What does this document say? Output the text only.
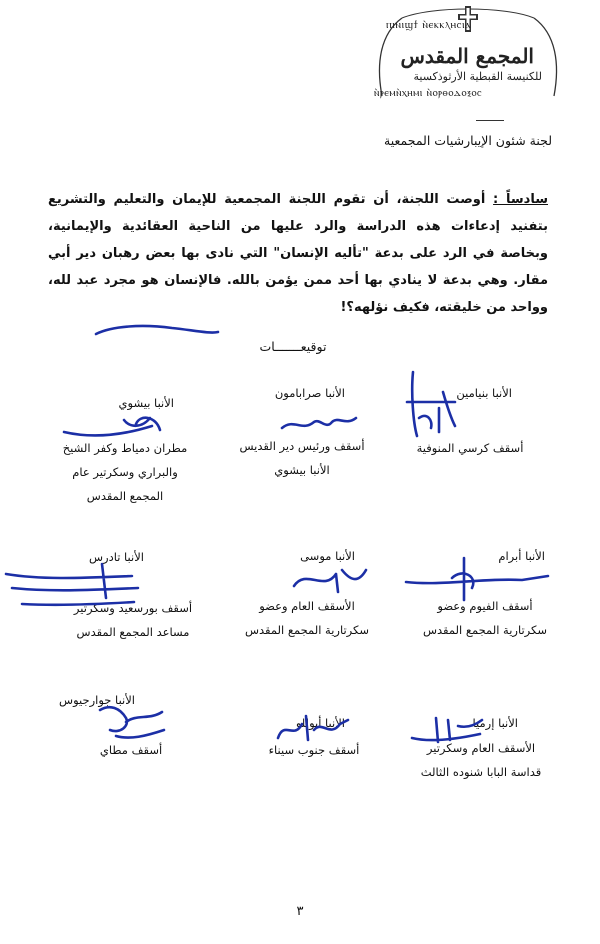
ⲡⲓⲛⲓϣϯ ⲛ̀ⲉⲕⲕⲗⲏⲥⲓⲁ
المجمع المقدس
للكنيسة القبطية الأرثوذكسية
ⲛ̀ⲣⲉⲙⲛ̀ⲭⲏⲙⲓ ⲛ̀ⲟⲣⲑⲟⲇⲟⲝⲟⲥ
لجنة شئون الإيبارشيات المجمعية
سادساً : أوصت اللجنة، أن تقوم اللجنة المجمعية للإيمان والتعليم والتشريع بتفنيد إدعاءات هذه الدراسة والرد عليها من الناحية العقائدية والإيمانية، وبخاصة في الرد على بدعة "تأليه الإنسان" التي نادى بها بعض رهبان دير أبي مقار. وهي بدعة لا ينادي بها أحد ممن يؤمن بالله. فالإنسان هو مجرد عبد لله، وواحد من خليقته، فكيف نؤلهه؟!
توقيعـــــــات
الأنبا بنيامين
أسقف كرسي المنوفية
الأنبا صرابامون
أسقف ورئيس دير القديس الأنبا بيشوي
الأنبا بيشوي
مطران دمياط وكفر الشيخ والبراري وسكرتير عام المجمع المقدس
الأنبا أبرام
أسقف الفيوم وعضو سكرتارية المجمع المقدس
الأنبا موسى
الأسقف العام وعضو سكرتارية المجمع المقدس
الأنبا تادرس
أسقف بورسعيد وسكرتير مساعد المجمع المقدس
الأنبا إرميا
الأسقف العام وسكرتير قداسة البابا شنوده الثالث
الأنبا أبوللو
أسقف جنوب سيناء
الأنبا جوارجيوس
أسقف مطاي
٣
